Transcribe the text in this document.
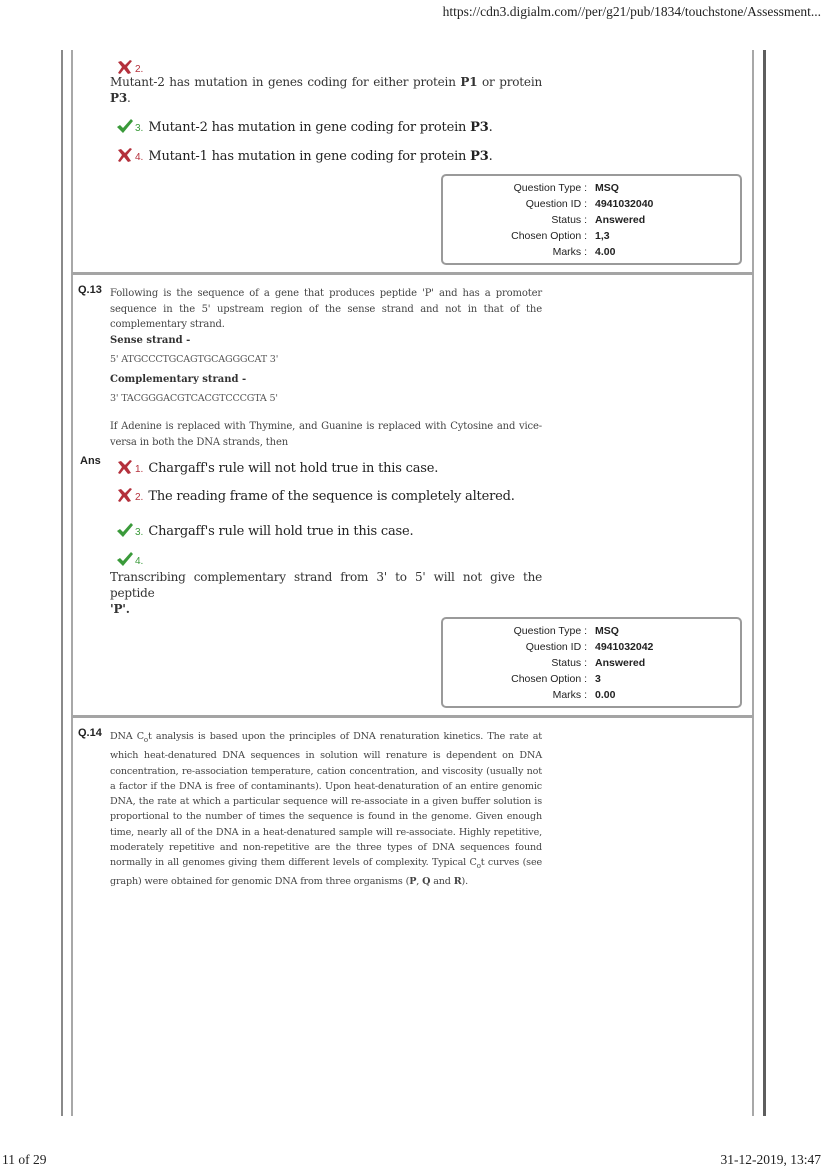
https://cdn3.digialm.com//per/g21/pub/1834/touchstone/Assessment...
2.
Mutant-2 has mutation in genes coding for either protein P1 or protein P3.
3. Mutant-2 has mutation in gene coding for protein P3.
4. Mutant-1 has mutation in gene coding for protein P3.
Question Type : MSQ
Question ID : 4941032040
Status : Answered
Chosen Option : 1,3
Marks : 4.00
Q.13 Following is the sequence of a gene that produces peptide 'P' and has a promoter sequence in the 5' upstream region of the sense strand and not in that of the complementary strand.
Sense strand -
5' ATGCCCTGCAGTGCAGGGCAT 3'
Complementary strand -
3' TACGGGACGTCACGTCCCGTA 5'
If Adenine is replaced with Thymine, and Guanine is replaced with Cytosine and vice-versa in both the DNA strands, then
Ans
1. Chargaff's rule will not hold true in this case.
2. The reading frame of the sequence is completely altered.
3. Chargaff's rule will hold true in this case.
4.
Transcribing complementary strand from 3' to 5' will not give the peptide
'P'.
Question Type : MSQ
Question ID : 4941032042
Status : Answered
Chosen Option : 3
Marks : 0.00
Q.14 DNA $C_ot$ analysis is based upon the principles of DNA renaturation kinetics. The rate at which heat-denatured DNA sequences in solution will renature is dependent on DNA concentration, re-association temperature, cation concentration, and viscosity (usually not a factor if the DNA is free of contaminants). Upon heat-denaturation of an entire genomic DNA, the rate at which a particular sequence will re-associate in a given buffer solution is proportional to the number of times the sequence is found in the genome. Given enough time, nearly all of the DNA in a heat-denatured sample will re-associate. Highly repetitive, moderately repetitive and non-repetitive are the three types of DNA sequences found normally in all genomes giving them different levels of complexity. Typical $C_ot$ curves (see graph) were obtained for genomic DNA from three organisms (P, Q and R).
11 of 29	31-12-2019, 13:47
